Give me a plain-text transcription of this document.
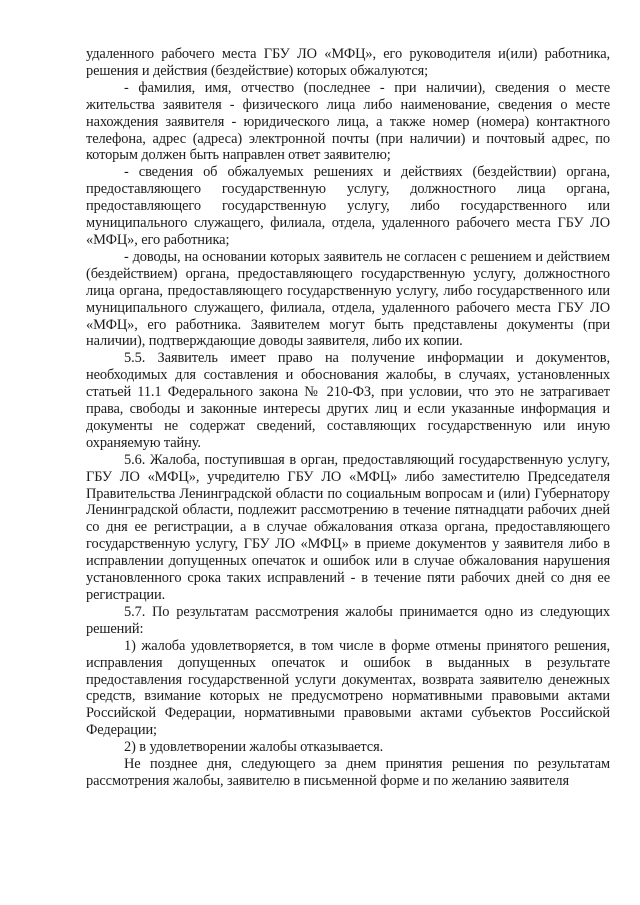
удаленного рабочего места ГБУ ЛО «МФЦ», его руководителя и(или) работника, решения и действия (бездействие) которых обжалуются;

- фамилия, имя, отчество (последнее - при наличии), сведения о месте жительства заявителя - физического лица либо наименование, сведения о месте нахождения заявителя - юридического лица, а также номер (номера) контактного телефона, адрес (адреса) электронной почты (при наличии) и почтовый адрес, по которым должен быть направлен ответ заявителю;

- сведения об обжалуемых решениях и действиях (бездействии) органа, предоставляющего государственную услугу, должностного лица органа, предоставляющего государственную услугу, либо государственного или муниципального служащего, филиала, отдела, удаленного рабочего места ГБУ ЛО «МФЦ», его работника;

- доводы, на основании которых заявитель не согласен с решением и действием (бездействием) органа, предоставляющего государственную услугу, должностного лица органа, предоставляющего государственную услугу, либо государственного или муниципального служащего, филиала, отдела, удаленного рабочего места ГБУ ЛО «МФЦ», его работника. Заявителем могут быть представлены документы (при наличии), подтверждающие доводы заявителя, либо их копии.

5.5. Заявитель имеет право на получение информации и документов, необходимых для составления и обоснования жалобы, в случаях, установленных статьей 11.1 Федерального закона № 210-ФЗ, при условии, что это не затрагивает права, свободы и законные интересы других лиц и если указанные информация и документы не содержат сведений, составляющих государственную или иную охраняемую тайну.

5.6. Жалоба, поступившая в орган, предоставляющий государственную услугу, ГБУ ЛО «МФЦ», учредителю ГБУ ЛО «МФЦ» либо заместителю Председателя Правительства Ленинградской области по социальным вопросам и (или) Губернатору Ленинградской области, подлежит рассмотрению в течение пятнадцати рабочих дней со дня ее регистрации, а в случае обжалования отказа органа, предоставляющего государственную услугу, ГБУ ЛО «МФЦ» в приеме документов у заявителя либо в исправлении допущенных опечаток и ошибок или в случае обжалования нарушения установленного срока таких исправлений - в течение пяти рабочих дней со дня ее регистрации.

5.7. По результатам рассмотрения жалобы принимается одно из следующих решений:

1) жалоба удовлетворяется, в том числе в форме отмены принятого решения, исправления допущенных опечаток и ошибок в выданных в результате предоставления государственной услуги документах, возврата заявителю денежных средств, взимание которых не предусмотрено нормативными правовыми актами Российской Федерации, нормативными правовыми актами субъектов Российской Федерации;

2) в удовлетворении жалобы отказывается.

Не позднее дня, следующего за днем принятия решения по результатам рассмотрения жалобы, заявителю в письменной форме и по желанию заявителя
